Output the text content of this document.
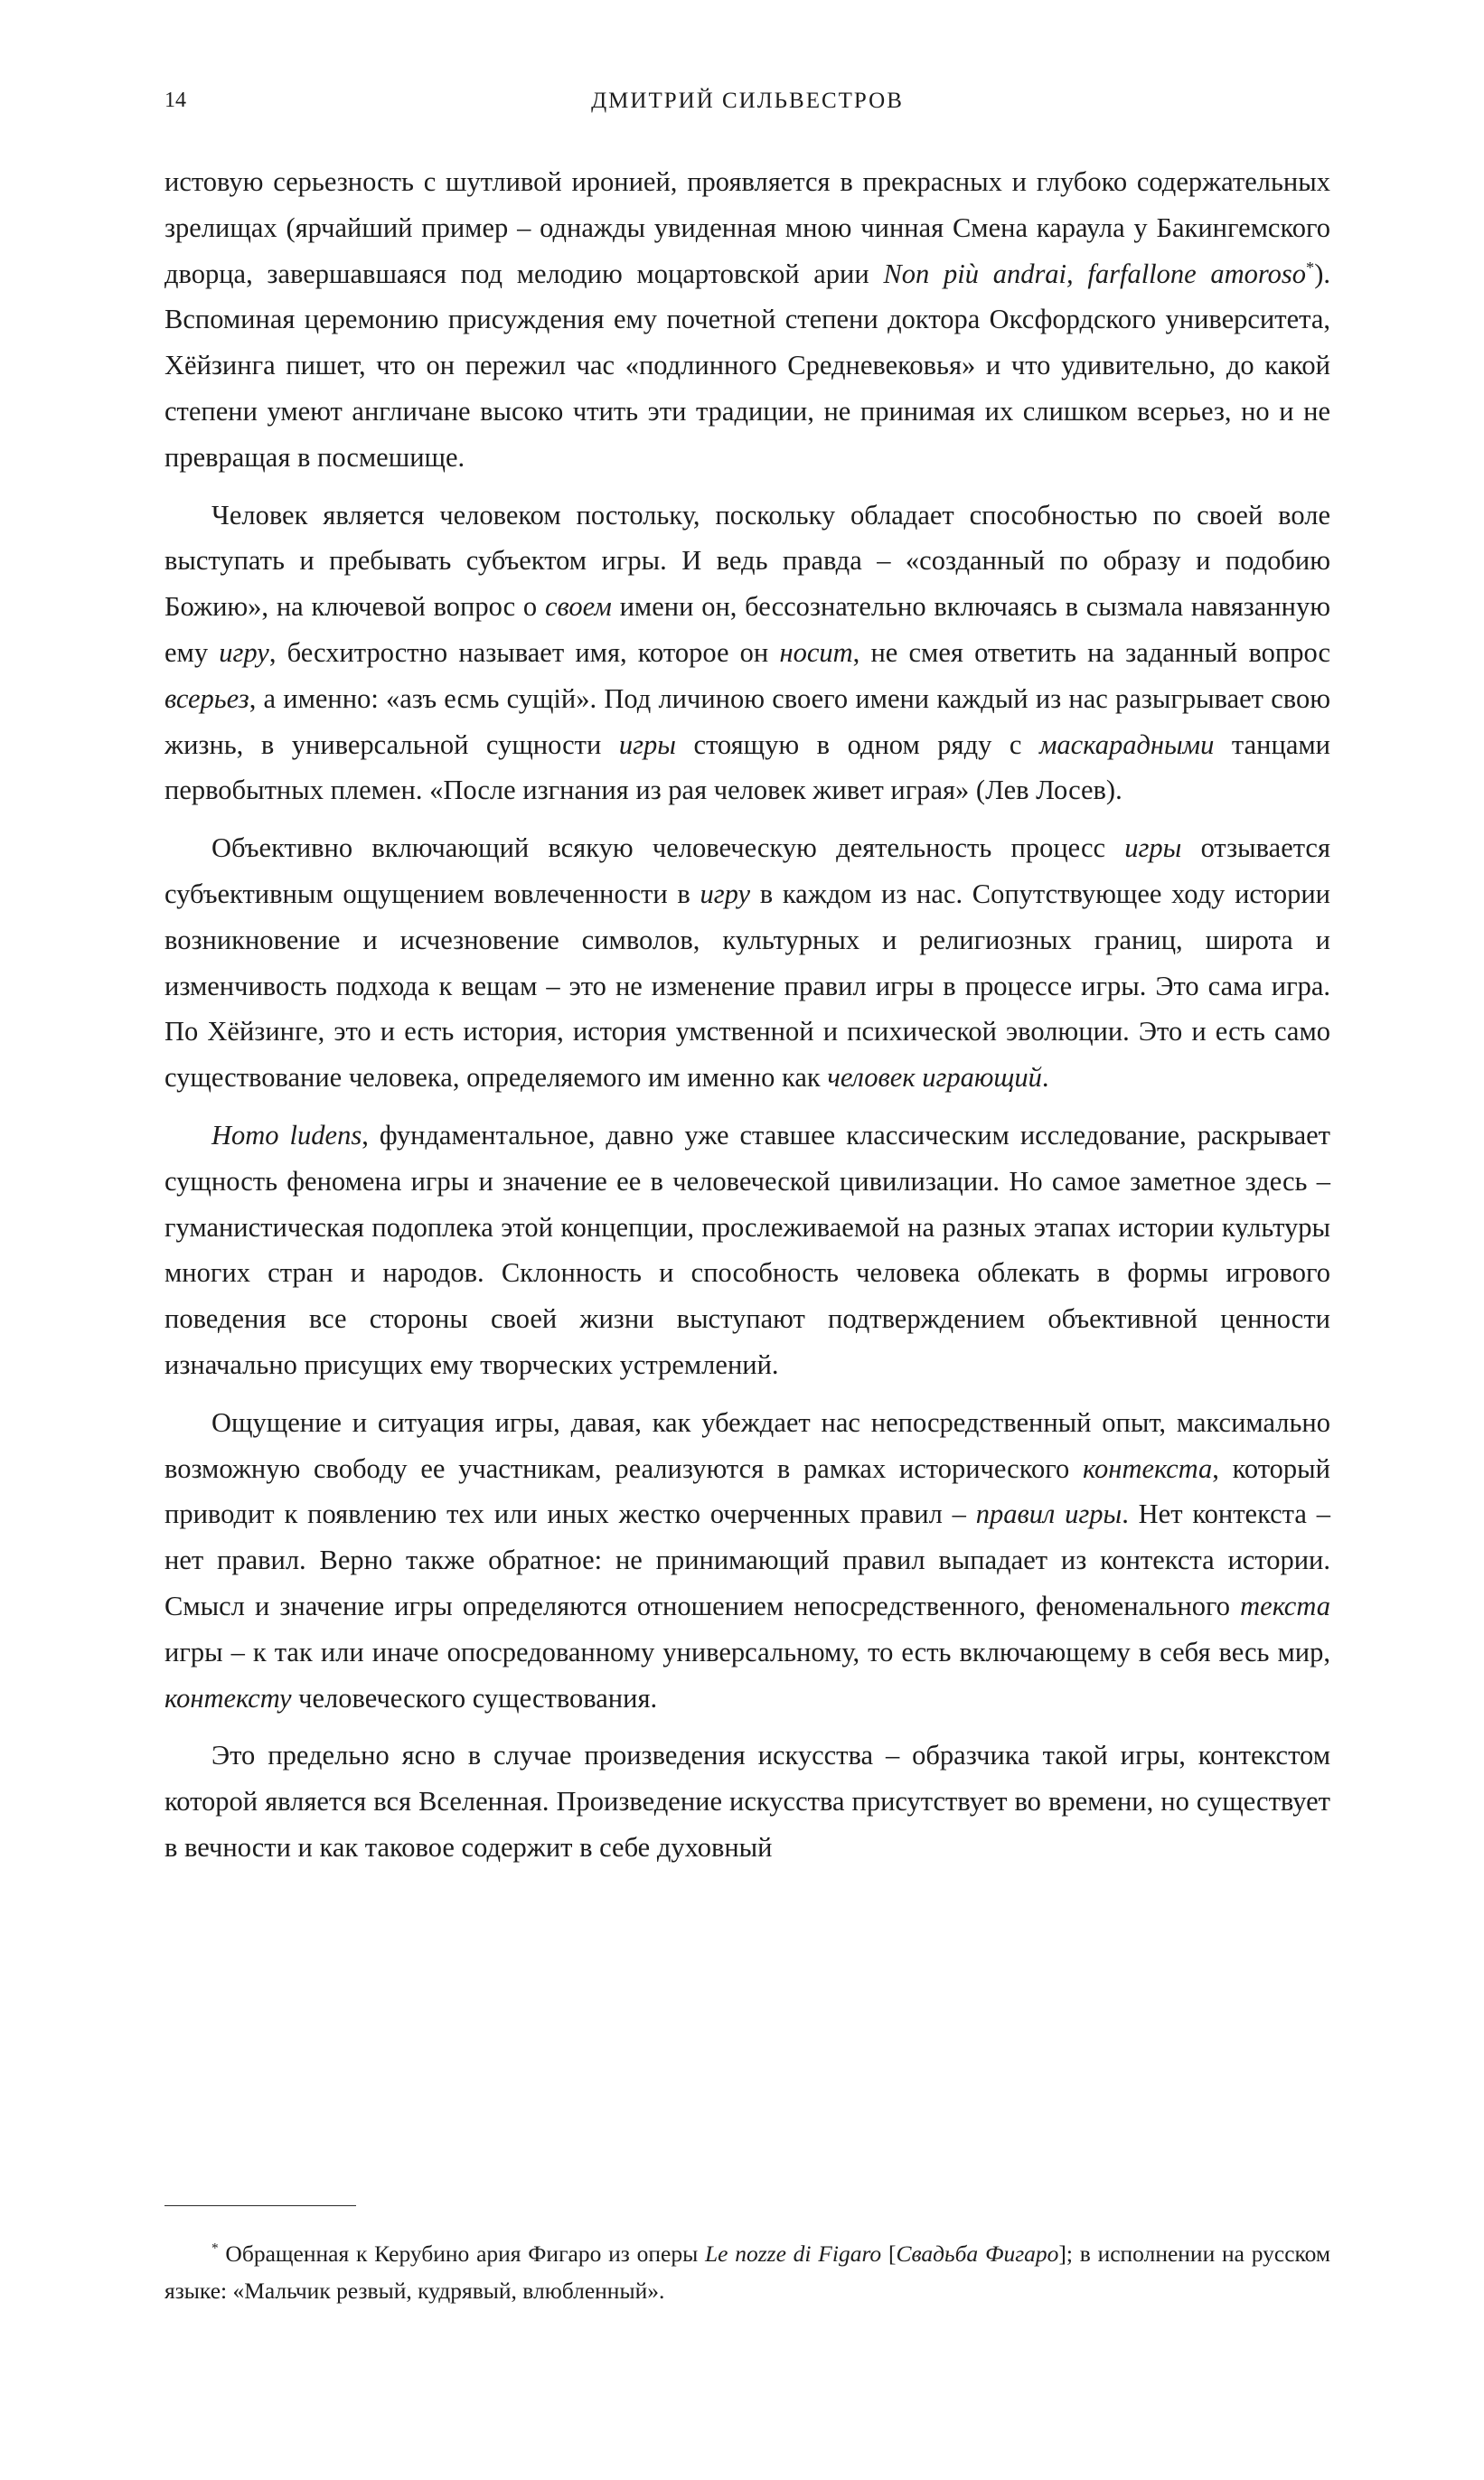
14	ДМИТРИЙ СИЛЬВЕСТРОВ

истовую серьезность с шутливой иронией, проявляется в прекрасных и глубоко содержательных зрелищах (ярчайший пример – однажды увиденная мною чинная Смена караула у Бакингемского дворца, завершавшаяся под мелодию моцартовской арии Non più andrai, farfallone amoroso*). Вспоминая церемонию присуждения ему почетной степени доктора Оксфордского университета, Хёйзинга пишет, что он пережил час «подлинного Средневековья» и что удивительно, до какой степени умеют англичане высоко чтить эти традиции, не принимая их слишком всерьез, но и не превращая в посмешище.

Человек является человеком постольку, поскольку обладает способностью по своей воле выступать и пребывать субъектом игры. И ведь правда – «созданный по образу и подобию Божию», на ключевой вопрос о своем имени он, бессознательно включаясь в сызмала навязанную ему игру, бесхитростно называет имя, которое он носит, не смея ответить на заданный вопрос всерьез, а именно: «азъ есмь сущій». Под личиною своего имени каждый из нас разыгрывает свою жизнь, в универсальной сущности игры стоящую в одном ряду с маскарадными танцами первобытных племен. «После изгнания из рая человек живет играя» (Лев Лосев).

Объективно включающий всякую человеческую деятельность процесс игры отзывается субъективным ощущением вовлеченности в игру в каждом из нас. Сопутствующее ходу истории возникновение и исчезновение символов, культурных и религиозных границ, широта и изменчивость подхода к вещам – это не изменение правил игры в процессе игры. Это сама игра. По Хёйзинге, это и есть история, история умственной и психической эволюции. Это и есть само существование человека, определяемого им именно как человек играющий.

Homo ludens, фундаментальное, давно уже ставшее классическим исследование, раскрывает сущность феномена игры и значение ее в человеческой цивилизации. Но самое заметное здесь – гуманистическая подоплека этой концепции, прослеживаемой на разных этапах истории культуры многих стран и народов. Склонность и способность человека облекать в формы игрового поведения все стороны своей жизни выступают подтверждением объективной ценности изначально присущих ему творческих устремлений.

Ощущение и ситуация игры, давая, как убеждает нас непосредственный опыт, максимально возможную свободу ее участникам, реализуются в рамках исторического контекста, который приводит к появлению тех или иных жестко очерченных правил – правил игры. Нет контекста – нет правил. Верно также обратное: не принимающий правил выпадает из контекста истории. Смысл и значение игры определяются отношением непосредственного, феноменального текста игры – к так или иначе опосредованному универсальному, то есть включающему в себя весь мир, контексту человеческого существования.

Это предельно ясно в случае произведения искусства – образчика такой игры, контекстом которой является вся Вселенная. Произведение искусства присутствует во времени, но существует в вечности и как таковое содержит в себе духовный

* Обращенная к Керубино ария Фигаро из оперы Le nozze di Figaro [Свадьба Фигаро]; в исполнении на русском языке: «Мальчик резвый, кудрявый, влюбленный».
